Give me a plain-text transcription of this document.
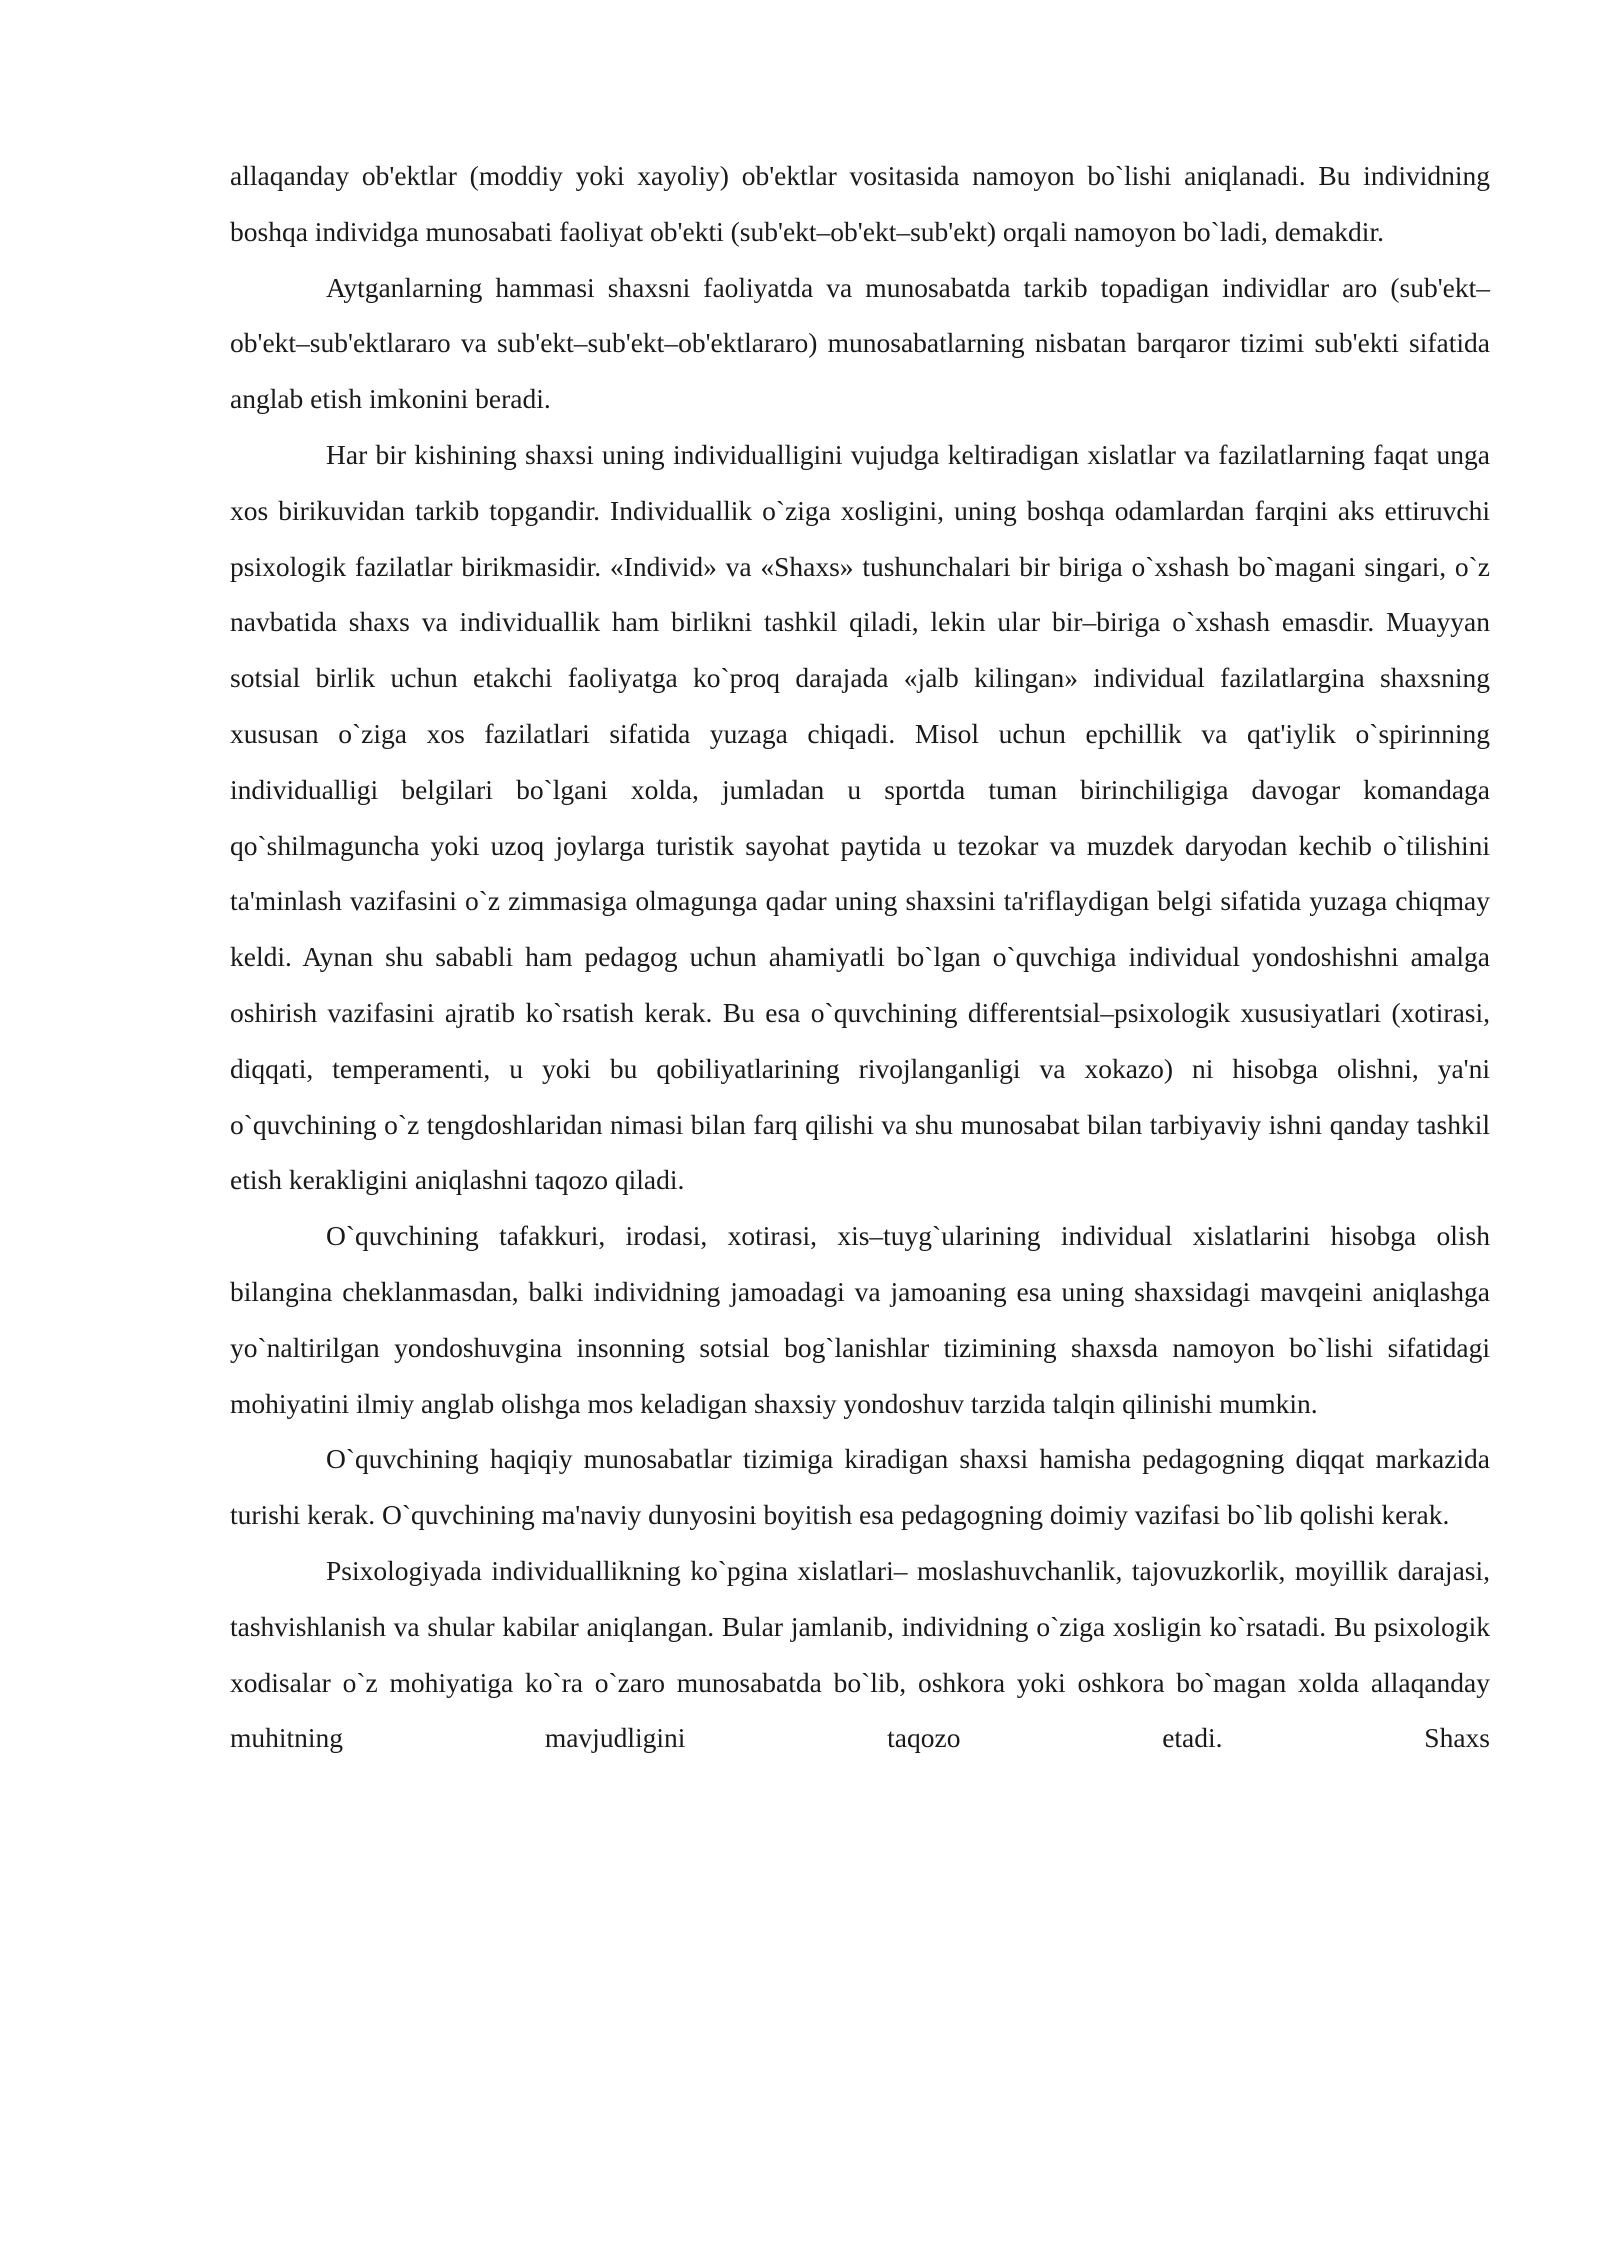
allaqanday ob'ektlar (moddiy yoki xayoliy) ob'ektlar vositasida namoyon bo`lishi aniqlanadi. Bu individning boshqa individga munosabati faoliyat ob'ekti (sub'ekt–ob'ekt–sub'ekt) orqali namoyon bo`ladi, demakdir.

Aytganlarning hammasi shaxsni faoliyatda va munosabatda tarkib topadigan individlar aro (sub'ekt–ob'ekt–sub'ektlararo va sub'ekt–sub'ekt–ob'ektlararo) munosabatlarning nisbatan barqaror tizimi sub'ekti sifatida anglab etish imkonini beradi.

Har bir kishining shaxsi uning individualligini vujudga keltiradigan xislatlar va fazilatlarning faqat unga xos birikuvidan tarkib topgandir. Individuallik o`ziga xosligini, uning boshqa odamlardan farqini aks ettiruvchi psixologik fazilatlar birikmasidir. «Individ» va «Shaxs» tushunchalari bir biriga o`xshash bo`magani singari, o`z navbatida shaxs va individuallik ham birlikni tashkil qiladi, lekin ular bir–biriga o`xshash emasdir. Muayyan sotsial birlik uchun etakchi faoliyatga ko`proq darajada «jalb kilingan» individual fazilatlargina shaxsning xususan o`ziga xos fazilatlari sifatida yuzaga chiqadi. Misol uchun epchillik va qat'iylik o`spirinning individualligi belgilari bo`lgani xolda, jumladan u sportda tuman birinchiligiga davogar komandaga qo`shilmaguncha yoki uzoq joylarga turistik sayohat paytida u tezokar va muzdek daryodan kechib o`tilishini ta'minlash vazifasini o`z zimmasiga olmagunga qadar uning shaxsini ta'riflaydigan belgi sifatida yuzaga chiqmay keldi. Aynan shu sababli ham pedagog uchun ahamiyatli bo`lgan o`quvchiga individual yondoshishni amalga oshirish vazifasini ajratib ko`rsatish kerak. Bu esa o`quvchining differentsial–psixologik xususiyatlari (xotirasi, diqqati, temperamenti, u yoki bu qobiliyatlarining rivojlanganligi va xokazo) ni hisobga olishni, ya'ni o`quvchining o`z tengdoshlaridan nimasi bilan farq qilishi va shu munosabat bilan tarbiyaviy ishni qanday tashkil etish kerakligini aniqlashni taqozo qiladi.

O`quvchining tafakkuri, irodasi, xotirasi, xis–tuyg`ularining individual xislatlarini hisobga olish bilangina cheklanmasdan, balki individning jamoadagi va jamoaning esa uning shaxsidagi mavqeini aniqlashga yo`naltirilgan yondoshuvgina insonning sotsial bog`lanishlar tizimining shaxsda namoyon bo`lishi sifatidagi mohiyatini ilmiy anglab olishga mos keladigan shaxsiy yondoshuv tarzida talqin qilinishi mumkin.

O`quvchining haqiqiy munosabatlar tizimiga kiradigan shaxsi hamisha pedagogning diqqat markazida turishi kerak. O`quvchining ma'naviy dunyosini boyitish esa pedagogning doimiy vazifasi bo`lib qolishi kerak.

Psixologiyada individuallikning ko`pgina xislatlari– moslashuvchanlik, tajovuzkorlik, moyillik darajasi, tashvishlanish va shular kabilar aniqlangan. Bular jamlanib, individning o`ziga xosligin ko`rsatadi. Bu psixologik xodisalar o`z mohiyatiga ko`ra o`zaro munosabatda bo`lib, oshkora yoki oshkora bo`magan xolda allaqanday muhitning mavjudligini taqozo etadi. Shaxs
